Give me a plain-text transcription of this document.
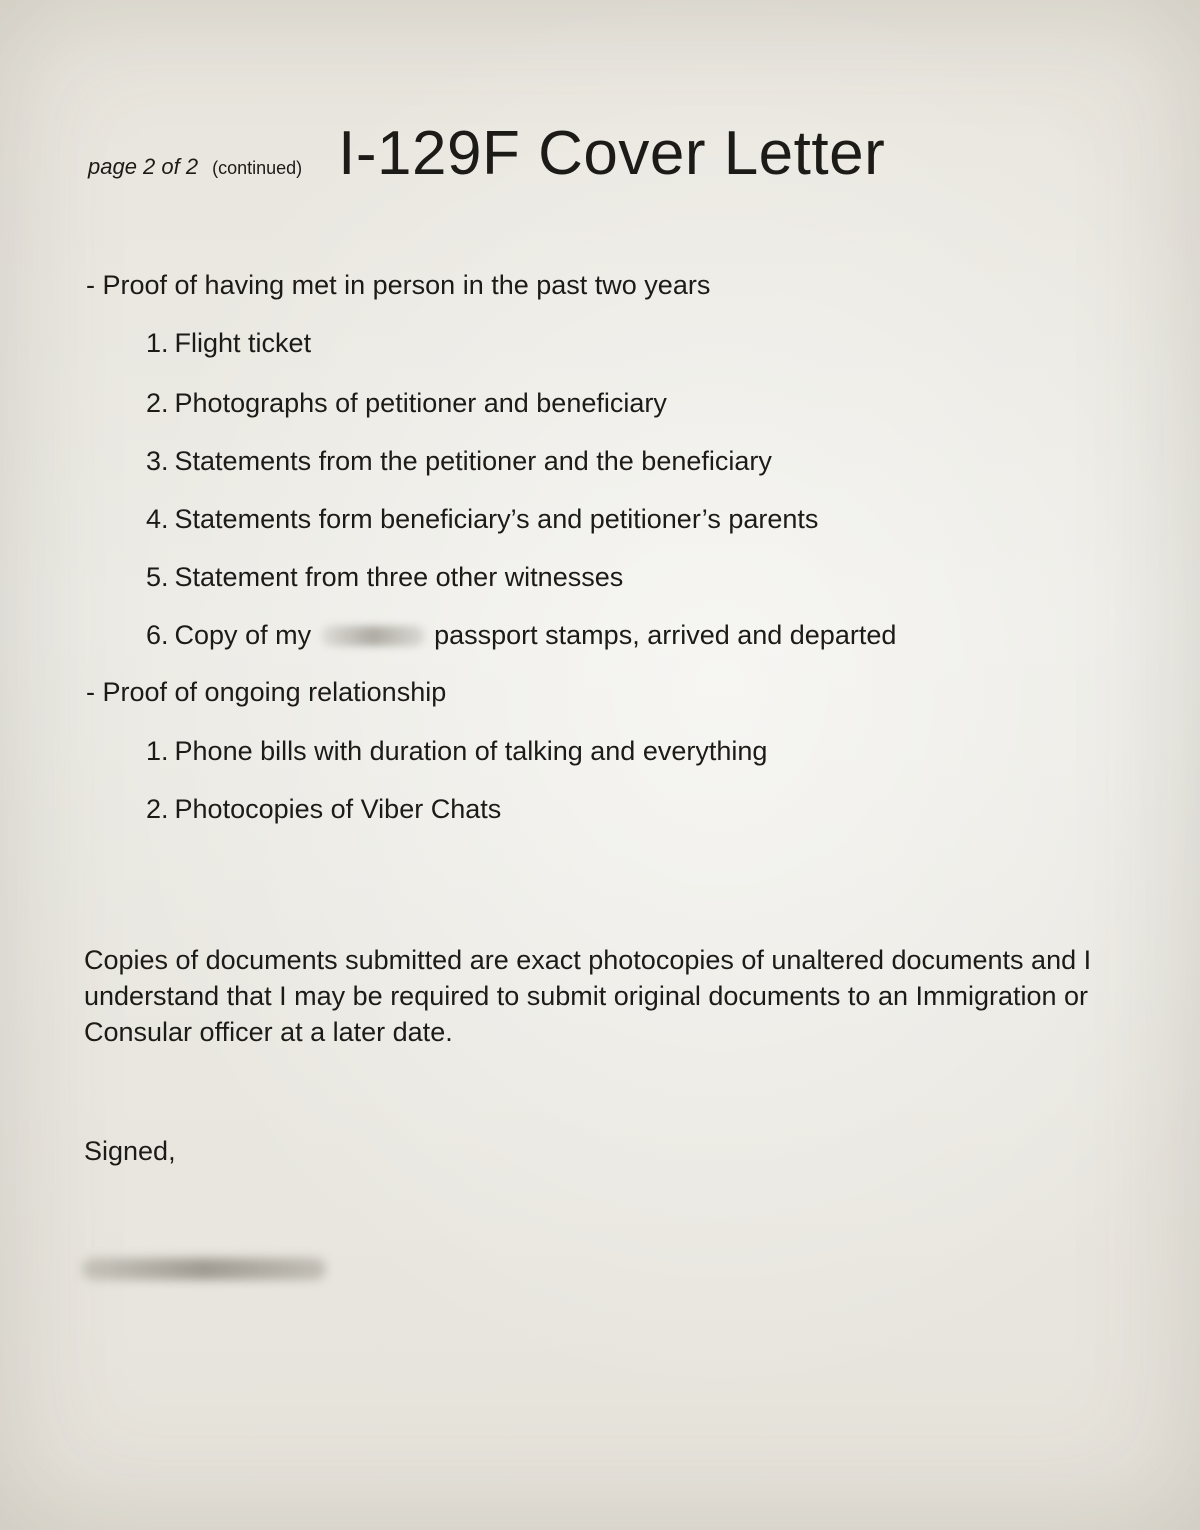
page 2 of 2 (continued) I-129F Cover Letter
- Proof of having met in person in the past two years
1. Flight ticket
2. Photographs of petitioner and beneficiary
3. Statements from the petitioner and the beneficiary
4. Statements form beneficiary’s and petitioner’s parents
5. Statement from three other witnesses
6. Copy of my	passport stamps, arrived and departed
- Proof of ongoing relationship
1. Phone bills with duration of talking and everything
2. Photocopies of Viber Chats
Copies of documents submitted are exact photocopies of unaltered documents and I understand that I may be required to submit original documents to an Immigration or Consular officer at a later date.
Signed,
